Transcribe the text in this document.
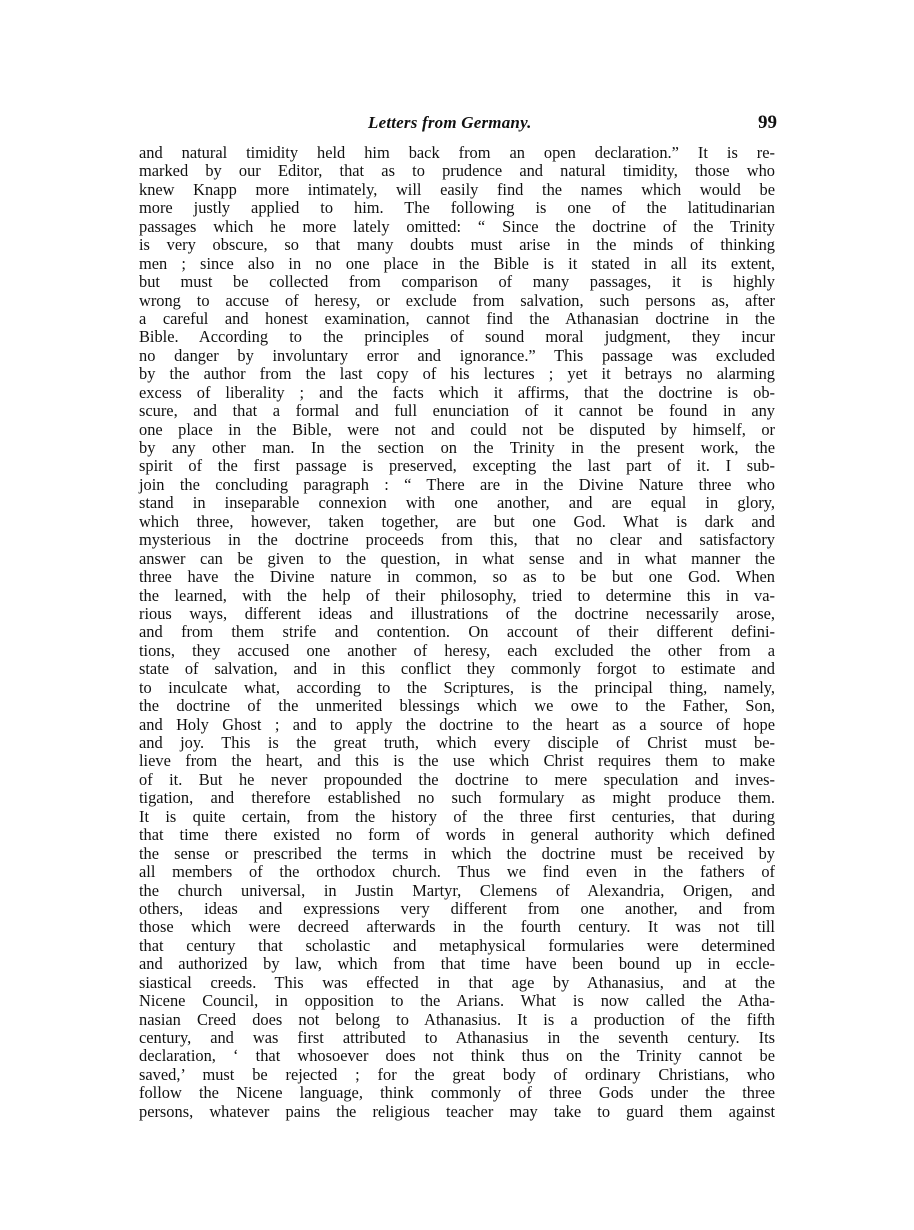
Letters from Germany.	99
and natural timidity held him back from an open declaration.” It is re-
marked by our Editor, that as to prudence and natural timidity, those who
knew Knapp more intimately, will easily find the names which would be
more justly applied to him. The following is one of the latitudinarian
passages which he more lately omitted: “ Since the doctrine of the Trinity
is very obscure, so that many doubts must arise in the minds of thinking
men ; since also in no one place in the Bible is it stated in all its extent,
but must be collected from comparison of many passages, it is highly
wrong to accuse of heresy, or exclude from salvation, such persons as, after
a careful and honest examination, cannot find the Athanasian doctrine in the
Bible. According to the principles of sound moral judgment, they incur
no danger by involuntary error and ignorance.” This passage was excluded
by the author from the last copy of his lectures ; yet it betrays no alarming
excess of liberality ; and the facts which it affirms, that the doctrine is ob-
scure, and that a formal and full enunciation of it cannot be found in any
one place in the Bible, were not and could not be disputed by himself, or
by any other man. In the section on the Trinity in the present work, the
spirit of the first passage is preserved, excepting the last part of it. I sub-
join the concluding paragraph : “ There are in the Divine Nature three who
stand in inseparable connexion with one another, and are equal in glory,
which three, however, taken together, are but one God. What is dark and
mysterious in the doctrine proceeds from this, that no clear and satisfactory
answer can be given to the question, in what sense and in what manner the
three have the Divine nature in common, so as to be but one God. When
the learned, with the help of their philosophy, tried to determine this in va-
rious ways, different ideas and illustrations of the doctrine necessarily arose,
and from them strife and contention. On account of their different defini-
tions, they accused one another of heresy, each excluded the other from a
state of salvation, and in this conflict they commonly forgot to estimate and
to inculcate what, according to the Scriptures, is the principal thing, namely,
the doctrine of the unmerited blessings which we owe to the Father, Son,
and Holy Ghost ; and to apply the doctrine to the heart as a source of hope
and joy. This is the great truth, which every disciple of Christ must be-
lieve from the heart, and this is the use which Christ requires them to make
of it. But he never propounded the doctrine to mere speculation and inves-
tigation, and therefore established no such formulary as might produce them.
It is quite certain, from the history of the three first centuries, that during
that time there existed no form of words in general authority which defined
the sense or prescribed the terms in which the doctrine must be received by
all members of the orthodox church. Thus we find even in the fathers of
the church universal, in Justin Martyr, Clemens of Alexandria, Origen, and
others, ideas and expressions very different from one another, and from
those which were decreed afterwards in the fourth century. It was not till
that century that scholastic and metaphysical formularies were determined
and authorized by law, which from that time have been bound up in eccle-
siastical creeds. This was effected in that age by Athanasius, and at the
Nicene Council, in opposition to the Arians. What is now called the Atha-
nasian Creed does not belong to Athanasius. It is a production of the fifth
century, and was first attributed to Athanasius in the seventh century. Its
declaration, ‘ that whosoever does not think thus on the Trinity cannot be
saved,’ must be rejected ; for the great body of ordinary Christians, who
follow the Nicene language, think commonly of three Gods under the three
persons, whatever pains the religious teacher may take to guard them against
